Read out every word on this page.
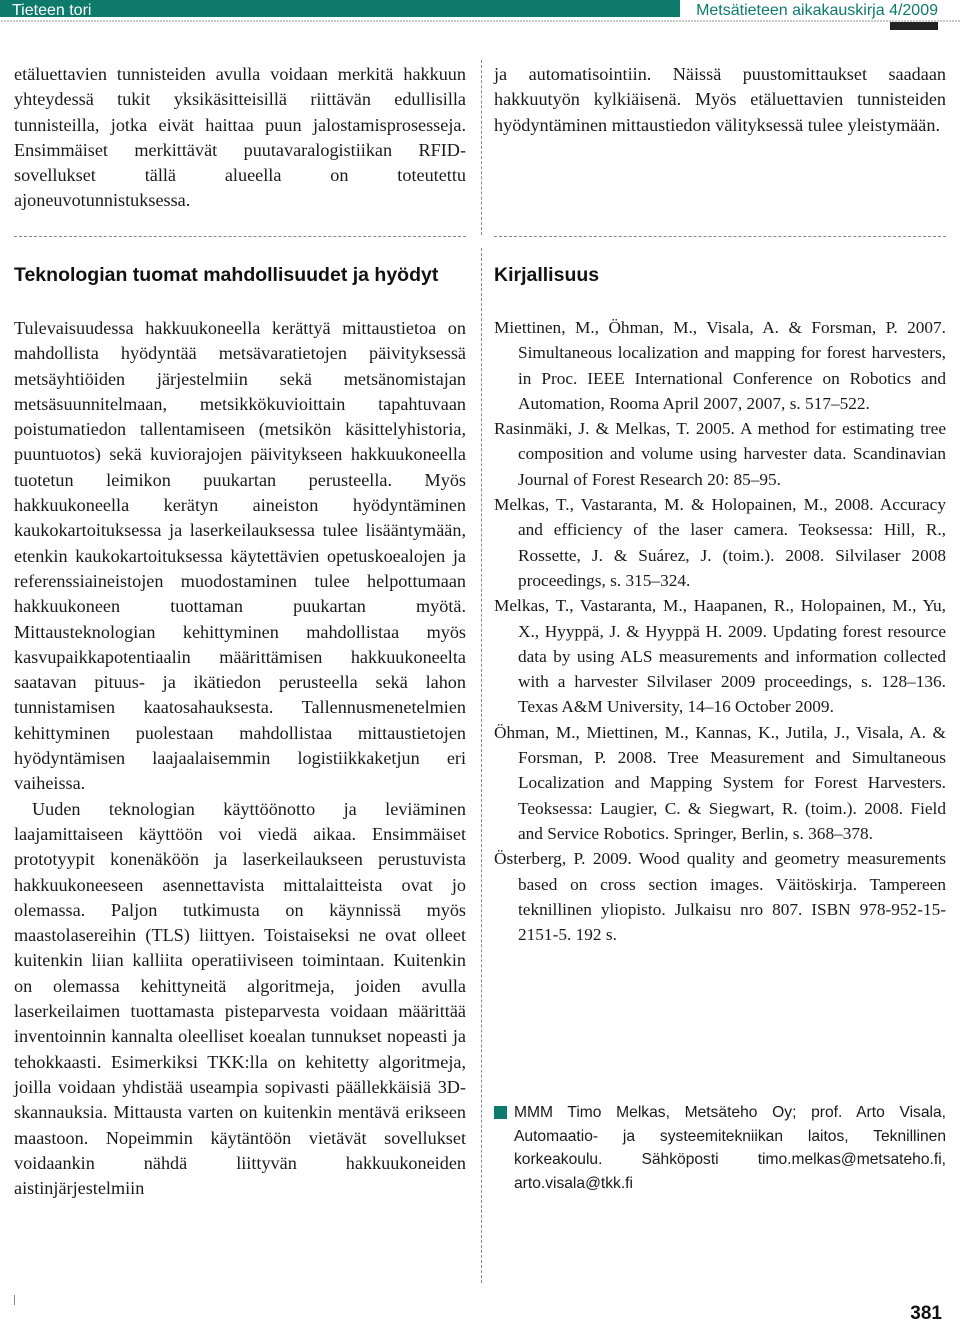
Tieteen tori	Metsätieteen aikakauskirja 4/2009

etäluettavien tunnisteiden avulla voidaan merkitä hakkuun yhteydessä tukit yksikäsitteisillä riittävän edullisilla tunnisteilla, jotka eivät haittaa puun jalostamisprosesseja. Ensimmäiset merkittävät puutavaralogistiikan RFID-sovellukset tällä alueella on toteutettu ajoneuvotunnistuksessa.

ja automatisointiin. Näissä puustomittaukset saadaan hakkuutyön kylkiäisenä. Myös etäluettavien tunnisteiden hyödyntäminen mittaustiedon välityksessä tulee yleistymään.

Teknologian tuomat mahdollisuudet ja hyödyt

Tulevaisuudessa hakkuukoneella kerättyä mittaustietoa on mahdollista hyödyntää metsävaratietojen päivityksessä metsäyhtiöiden järjestelmiin sekä metsänomistajan metsäsuunnitelmaan, metsikkökuvioittain tapahtuvaan poistumatiedon tallentamiseen (metsikön käsittelyhistoria, puuntuotos) sekä kuviorajojen päivitykseen hakkuukoneella tuotetun leimikon puukartan perusteella. Myös hakkuukoneella kerätyn aineiston hyödyntäminen kaukokartoituksessa ja laserkeilauksessa tulee lisääntymään, etenkin kaukokartoituksessa käytettävien opetuskoealojen ja referenssiaineistojen muodostaminen tulee helpottumaan hakkuukoneen tuottaman puukartan myötä. Mittausteknologian kehittyminen mahdollistaa myös kasvupaikkapotentiaalin määrittämisen hakkuukoneelta saatavan pituus- ja ikätiedon perusteella sekä lahon tunnistamisen kaatosahauksesta. Tallennusmenetelmien kehittyminen puolestaan mahdollistaa mittaustietojen hyödyntämisen laajaalaisemmin logistiikkaketjun eri vaiheissa.

Uuden teknologian käyttöönotto ja leviäminen laajamittaiseen käyttöön voi viedä aikaa. Ensimmäiset prototyypit konenäköön ja laserkeilaukseen perustuvista hakkuukoneeseen asennettavista mittalaitteista ovat jo olemassa. Paljon tutkimusta on käynnissä myös maastolasereihin (TLS) liittyen. Toistaiseksi ne ovat olleet kuitenkin liian kalliita operatiiviseen toimintaan. Kuitenkin on olemassa kehittyneitä algoritmeja, joiden avulla laserkeilaimen tuottamasta pisteparvesta voidaan määrittää inventoinnin kannalta oleelliset koealan tunnukset nopeasti ja tehokkaasti. Esimerkiksi TKK:lla on kehitetty algoritmeja, joilla voidaan yhdistää useampia sopivasti päällekkäisiä 3D-skannauksia. Mittausta varten on kuitenkin mentävä erikseen maastoon. Nopeimmin käytäntöön vietävät sovellukset voidaankin nähdä liittyvän hakkuukoneiden aistinjärjestelmiin

Kirjallisuus
Miettinen, M., Öhman, M., Visala, A. & Forsman, P. 2007. Simultaneous localization and mapping for forest harvesters, in Proc. IEEE International Conference on Robotics and Automation, Rooma April 2007, 2007, s. 517–522.
Rasinmäki, J. & Melkas, T. 2005. A method for estimating tree composition and volume using harvester data. Scandinavian Journal of Forest Research 20: 85–95.
Melkas, T., Vastaranta, M. & Holopainen, M., 2008. Accuracy and efficiency of the laser camera. Teoksessa: Hill, R., Rossette, J. & Suárez, J. (toim.). 2008. Silvilaser 2008 proceedings, s. 315–324.
Melkas, T., Vastaranta, M., Haapanen, R., Holopainen, M., Yu, X., Hyyppä, J. & Hyyppä H. 2009. Updating forest resource data by using ALS measurements and information collected with a harvester Silvilaser 2009 proceedings, s. 128–136. Texas A&M University, 14–16 October 2009.
Öhman, M., Miettinen, M., Kannas, K., Jutila, J., Visala, A. & Forsman, P. 2008. Tree Measurement and Simultaneous Localization and Mapping System for Forest Harvesters. Teoksessa: Laugier, C. & Siegwart, R. (toim.). 2008. Field and Service Robotics. Springer, Berlin, s. 368–378.
Österberg, P. 2009. Wood quality and geometry measurements based on cross section images. Väitöskirja. Tampereen teknillinen yliopisto. Julkaisu nro 807. ISBN 978-952-15-2151-5. 192 s.

MMM Timo Melkas, Metsäteho Oy; prof. Arto Visala, Automaatio- ja systeemitekniikan laitos, Teknillinen korkeakoulu. Sähköposti timo.melkas@metsateho.fi, arto.visala@tkk.fi

381
